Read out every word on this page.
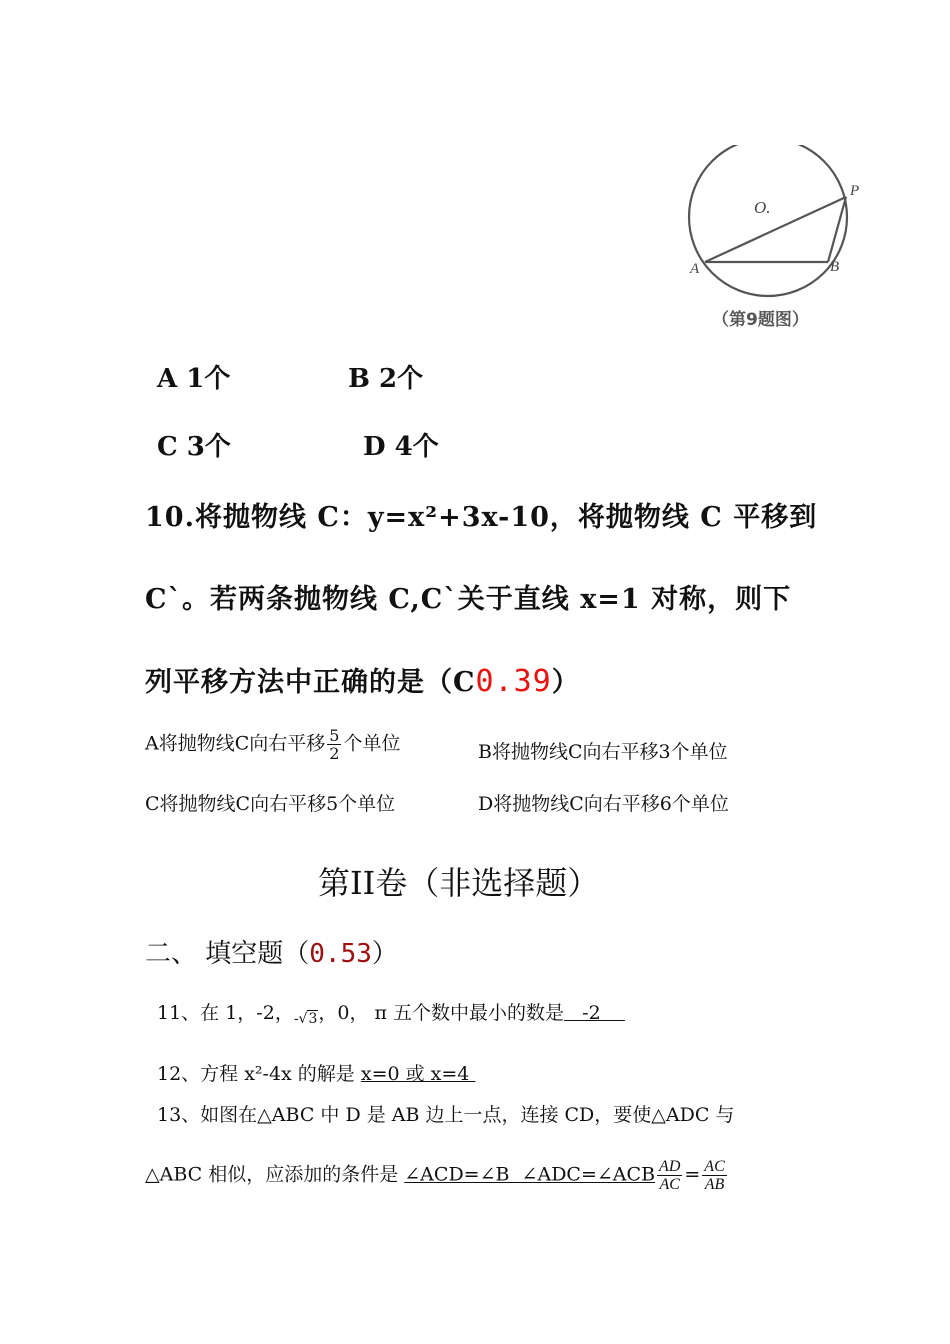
O.
P
A	B
（第9题图）
A 1个	B 2个
C 3个	D 4个
10.将抛物线 C：y=x²+3x-10，将抛物线 C 平移到
C`。若两条抛物线 C,C`关于直线 x=1 对称，则下
列平移方法中正确的是（C0.39）
A将抛物线C向右平移 $\frac{5}{2}$ 个单位	B将抛物线C向右平移3个单位
C将抛物线C向右平移5个单位	D将抛物线C向右平移6个单位
第II卷（非选择题）
二、 填空题（0.53）
11、在 1，-2，-√3，0， π 五个数中最小的数是   -2
12、方程 x²-4x 的解是 x=0 或 x=4
13、如图在△ABC 中 D 是 AB 边上一点，连接 CD，要使△ADC 与
△ABC 相似，应添加的条件是 ∠ACD=∠B  ∠ADC=∠ACB $\frac{AD}{AC} = \frac{AC}{AB}$
